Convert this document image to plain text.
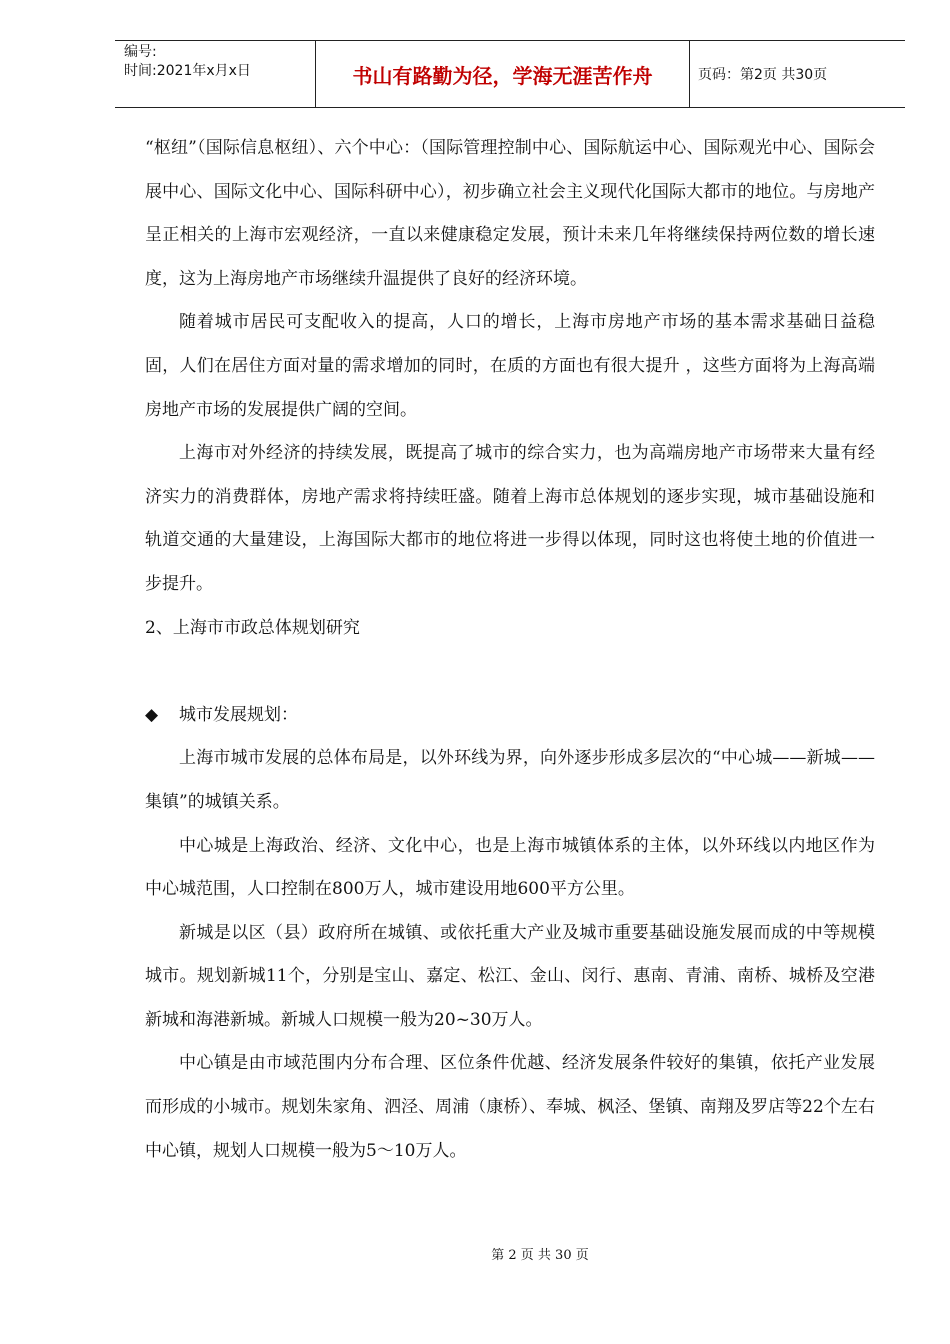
编号:
时间:2021年x月x日	书山有路勤为径，学海无涯苦作舟	页码：第2页 共30页

“枢纽”（国际信息枢纽）、六个中心：（国际管理控制中心、国际航运中心、国际观光中心、国际会展中心、国际文化中心、国际科研中心），初步确立社会主义现代化国际大都市的地位。与房地产呈正相关的上海市宏观经济，一直以来健康稳定发展，预计未来几年将继续保持两位数的增长速度，这为上海房地产市场继续升温提供了良好的经济环境。

随着城市居民可支配收入的提高，人口的增长，上海市房地产市场的基本需求基础日益稳固，人们在居住方面对量的需求增加的同时，在质的方面也有很大提升 ，这些方面将为上海高端房地产市场的发展提供广阔的空间。

上海市对外经济的持续发展，既提高了城市的综合实力，也为高端房地产市场带来大量有经济实力的消费群体，房地产需求将持续旺盛。随着上海市总体规划的逐步实现，城市基础设施和轨道交通的大量建设，上海国际大都市的地位将进一步得以体现，同时这也将使土地的价值进一步提升。

2、上海市市政总体规划研究

◆ 城市发展规划：

上海市城市发展的总体布局是，以外环线为界，向外逐步形成多层次的“中心城——新城——集镇”的城镇关系。

中心城是上海政治、经济、文化中心，也是上海市城镇体系的主体，以外环线以内地区作为中心城范围，人口控制在800万人，城市建设用地600平方公里。

新城是以区（县）政府所在城镇、或依托重大产业及城市重要基础设施发展而成的中等规模城市。规划新城11个，分别是宝山、嘉定、松江、金山、闵行、惠南、青浦、南桥、城桥及空港新城和海港新城。新城人口规模一般为20~30万人。

中心镇是由市域范围内分布合理、区位条件优越、经济发展条件较好的集镇，依托产业发展而形成的小城市。规划朱家角、泗泾、周浦（康桥）、奉城、枫泾、堡镇、南翔及罗店等22个左右中心镇，规划人口规模一般为5～10万人。

第 2 页 共 30 页
